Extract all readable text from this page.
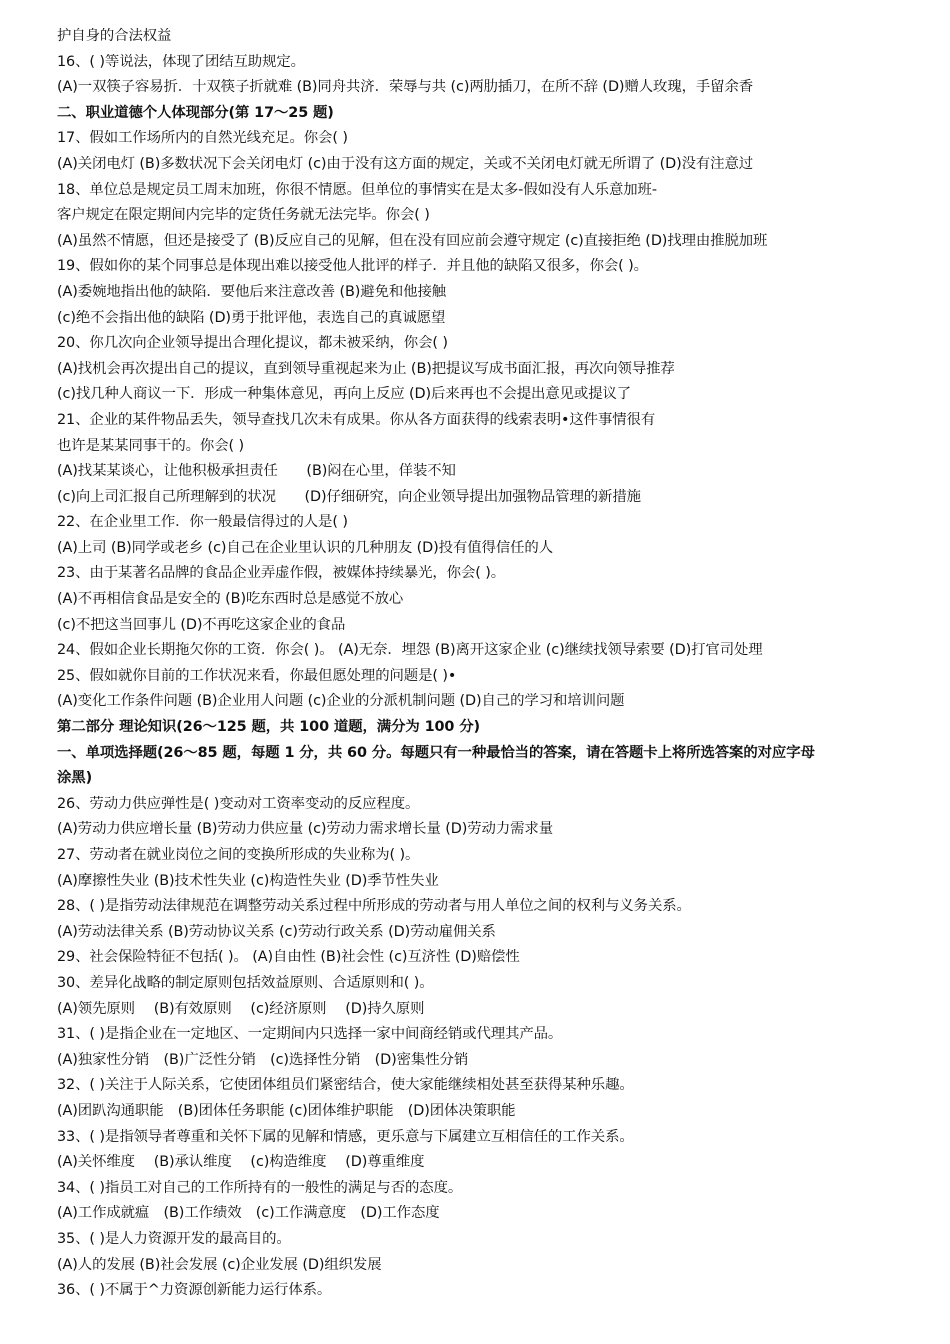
护自身的合法权益
16、( )等说法，体现了团结互助规定。
(A)一双筷子容易折．十双筷子折就难 (B)同舟共济．荣辱与共 (c)两肋插刀，在所不辞 (D)赠人玫瑰，手留余香
二、职业道德个人体现部分(第 17～25 题)
17、假如工作场所内的自然光线充足。你会( )
(A)关闭电灯 (B)多数状况下会关闭电灯 (c)由于没有这方面的规定，关或不关闭电灯就无所谓了 (D)没有注意过
18、单位总是规定员工周末加班，你很不情愿。但单位的事情实在是太多-假如没有人乐意加班-
客户规定在限定期间内完毕的定货任务就无法完毕。你会( )
(A)虽然不情愿，但还是接受了 (B)反应自己的见解，但在没有回应前会遵守规定 (c)直接拒绝 (D)找理由推脱加班
19、假如你的某个同事总是体现出难以接受他人批评的样子．并且他的缺陷又很多，你会( )。
(A)委婉地指出他的缺陷．要他后来注意改善 (B)避免和他接触
(c)绝不会指出他的缺陷 (D)勇于批评他，表选自己的真诚愿望
20、你几次向企业领导提出合理化提议，都未被采纳，你会( )
(A)找机会再次提出自己的提议，直到领导重视起来为止 (B)把提议写成书面汇报，再次向领导推荐
(c)找几种人商议一下．形成一种集体意见，再向上反应 (D)后来再也不会提出意见或提议了
21、企业的某件物品丢失，领导查找几次未有成果。你从各方面获得的线索表明•这件事情很有
也许是某某同事干的。你会( )
(A)找某某谈心，让他积极承担责任　　(B)闷在心里，佯装不知
(c)向上司汇报自己所理解到的状况　　(D)仔细研究，向企业领导提出加强物品管理的新措施
22、在企业里工作．你一般最信得过的人是( )
(A)上司 (B)同学或老乡 (c)自己在企业里认识的几种朋友 (D)投有值得信任的人
23、由于某著名品牌的食品企业弄虚作假，被媒体持续暴光，你会( )。
(A)不再相信食品是安全的 (B)吃东西时总是感觉不放心
(c)不把这当回事儿 (D)不再吃这家企业的食品
24、假如企业长期拖欠你的工资．你会( )。 (A)无奈．埋怨 (B)离开这家企业 (c)继续找领导索要 (D)打官司处理
25、假如就你目前的工作状况来看，你最但愿处理的问题是( )•
(A)变化工作条件问题 (B)企业用人问题 (c)企业的分派机制问题 (D)自己的学习和培训问题
第二部分 理论知识(26～125 题，共 100 道题，满分为 100 分)
一、单项选择题(26～85 题，每题 1 分，共 60 分。每题只有一种最恰当的答案，请在答题卡上将所选答案的对应字母
涂黑)
26、劳动力供应弹性是( )变动对工资率变动的反应程度。
(A)劳动力供应增长量 (B)劳动力供应量 (c)劳动力需求增长量 (D)劳动力需求量
27、劳动者在就业岗位之间的变换所形成的失业称为( )。
(A)摩擦性失业 (B)技术性失业 (c)构造性失业 (D)季节性失业
28、( )是指劳动法律规范在调整劳动关系过程中所形成的劳动者与用人单位之间的权利与义务关系。
(A)劳动法律关系 (B)劳动协议关系 (c)劳动行政关系 (D)劳动雇佣关系
29、社会保险特征不包括( )。 (A)自由性 (B)社会性 (c)互济性 (D)赔偿性
30、差异化战略的制定原则包括效益原则、合适原则和( )。
(A)领先原则　 (B)有效原则　 (c)经济原则　 (D)持久原则
31、( )是指企业在一定地区、一定期间内只选择一家中间商经销或代理其产品。
(A)独家性分销　(B)广泛性分销　(c)选择性分销　(D)密集性分销
32、( )关注于人际关系，它使团体组员们紧密结合，使大家能继续相处甚至获得某种乐趣。
(A)团趴沟通职能　(B)团体任务职能 (c)团体维护职能　(D)团体决策职能
33、( )是指领导者尊重和关怀下属的见解和情感，更乐意与下属建立互相信任的工作关系。
(A)关怀维度　 (B)承认维度　 (c)构造维度　 (D)尊重维度
34、( )指员工对自己的工作所持有的一般性的满足与否的态度。
(A)工作成就瘟　(B)工作绩效　(c)工作满意度　(D)工作态度
35、( )是人力资源开发的最高目的。
(A)人的发展 (B)社会发展 (c)企业发展 (D)组织发展
36、( )不属于^力资源创新能力运行体系。
